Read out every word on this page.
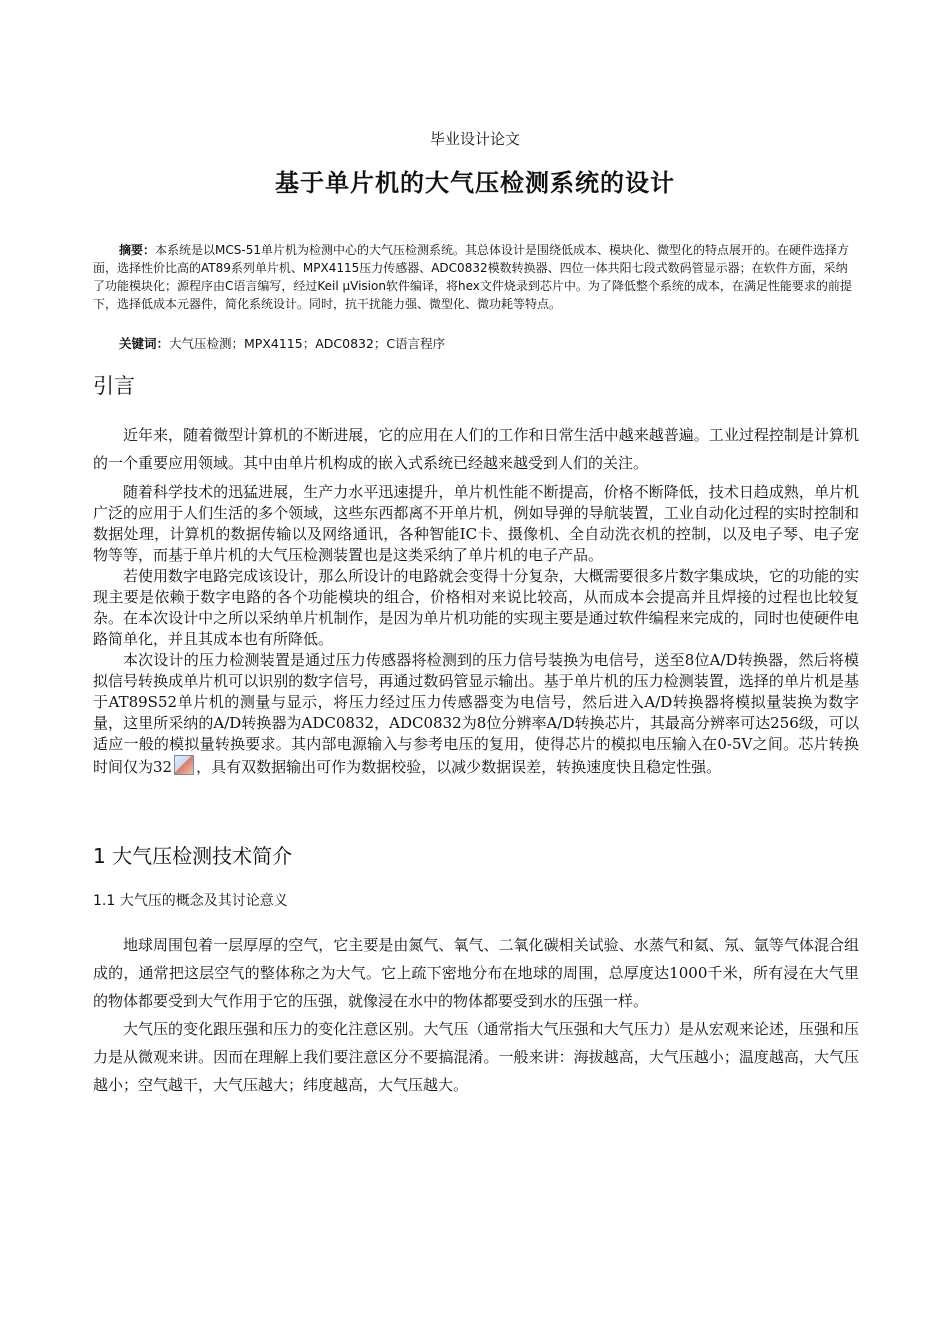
毕业设计论文
基于单片机的大气压检测系统的设计

摘要：本系统是以MCS-51单片机为检测中心的大气压检测系统。其总体设计是围绕低成本、模块化、微型化的特点展开的。在硬件选择方面，选择性价比高的AT89系列单片机、MPX4115压力传感器、ADC0832模数转换器、四位一体共阳七段式数码管显示器；在软件方面，采纳了功能模块化；源程序由C语言编写，经过Keil μVision软件编译，将hex文件烧录到芯片中。为了降低整个系统的成本，在满足性能要求的前提下，选择低成本元器件，简化系统设计。同时，抗干扰能力强、微型化、微功耗等特点。

关键词：大气压检测；MPX4115；ADC0832；C语言程序
引言

近年来，随着微型计算机的不断进展，它的应用在人们的工作和日常生活中越来越普遍。工业过程控制是计算机的一个重要应用领域。其中由单片机构成的嵌入式系统已经越来越受到人们的关注。

随着科学技术的迅猛进展，生产力水平迅速提升，单片机性能不断提高，价格不断降低，技术日趋成熟，单片机广泛的应用于人们生活的多个领域，这些东西都离不开单片机，例如导弹的导航装置，工业自动化过程的实时控制和数据处理，计算机的数据传输以及网络通讯，各种智能IC卡、摄像机、全自动洗衣机的控制，以及电子琴、电子宠物等等，而基于单片机的大气压检测装置也是这类采纳了单片机的电子产品。

若使用数字电路完成该设计，那么所设计的电路就会变得十分复杂，大概需要很多片数字集成块，它的功能的实现主要是依赖于数字电路的各个功能模块的组合，价格相对来说比较高，从而成本会提高并且焊接的过程也比较复杂。在本次设计中之所以采纳单片机制作，是因为单片机功能的实现主要是通过软件编程来完成的，同时也使硬件电路简单化，并且其成本也有所降低。

本次设计的压力检测装置是通过压力传感器将检测到的压力信号装换为电信号，送至8位A/D转换器，然后将模拟信号转换成单片机可以识别的数字信号，再通过数码管显示输出。基于单片机的压力检测装置，选择的单片机是基于AT89S52单片机的测量与显示，将压力经过压力传感器变为电信号，然后进入A/D转换器将模拟量装换为数字量，这里所采纳的A/D转换器为ADC0832，ADC0832为8位分辨率A/D转换芯片，其最高分辨率可达256级，可以适应一般的模拟量转换要求。其内部电源输入与参考电压的复用，使得芯片的模拟电压输入在0-5V之间。芯片转换时间仅为32 ，具有双数据输出可作为数据校验，以减少数据误差，转换速度快且稳定性强。

1 大气压检测技术简介
1.1 大气压的概念及其讨论意义

地球周围包着一层厚厚的空气，它主要是由氮气、氧气、二氧化碳相关试验、水蒸气和氦、氖、氩等气体混合组成的，通常把这层空气的整体称之为大气。它上疏下密地分布在地球的周围，总厚度达1000千米，所有浸在大气里的物体都要受到大气作用于它的压强，就像浸在水中的物体都要受到水的压强一样。

大气压的变化跟压强和压力的变化注意区别。大气压（通常指大气压强和大气压力）是从宏观来论述，压强和压力是从微观来讲。因而在理解上我们要注意区分不要搞混淆。一般来讲：海拔越高，大气压越小；温度越高，大气压越小；空气越干，大气压越大；纬度越高，大气压越大。
